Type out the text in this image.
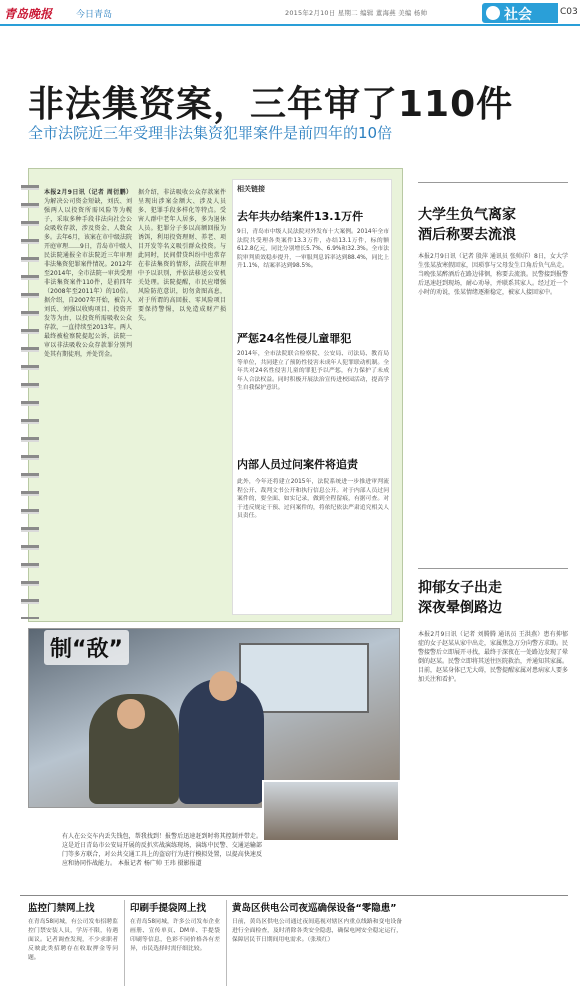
青岛晚报	今日青岛	2015年2月10日 星期二 编辑 董海燕 美编 杨帅	社会	C03
非法集资案，三年审了110件
全市法院近三年受理非法集资犯罪案件是前四年的10倍
本报2月9日讯（记者 周衍鹏） 为解决公司资金短缺，刘氏、刘强两人以投资所需风险等为幌子，采取多种手段非法向社会公众吸收存款，涉及资金、人数众多。去年6月，该案在市中级法院开庭审理……9日，青岛市中级人民法院通报全市法院近三年审理非法集资犯罪案件情况。2012年至2014年，全市法院一审共受理非法集资案件110件，是前四年（2008年至2011年）的10倍。据介绍，自2007年开始，被告人刘氏、刘强以收购项目、投资开发等为由，以投资所需吸收公众存款，一直持续至2013年。两人最终被检察院提起公诉，法院一审以非法吸收公众存款罪分别判处其有期徒刑，并处罚金。
据介绍，非法吸收公众存款案件呈现出涉案金额大、涉及人员多、犯罪手段多样化等特点。受害人群中老年人居多，多为退休人员。犯罪分子多以高额回报为诱饵，利用投资理财、养老、项目开发等名义吸引群众投资。与此同时，民间借贷纠纷中也常存在非法集资的情形，法院在审理中予以识别，并依法移送公安机关处理。法院提醒，市民应增强风险防范意识，切勿贪图高息，对于所谓的高回报、零风险项目要保持警惕，以免造成财产损失。
相关链接
去年共办结案件13.1万件
9日，青岛市中级人民法院对外发布十大案例。2014年全市法院共受理各类案件13.3万件，办结13.1万件，标的额612.8亿元，同比分别增长5.7%、6.9%和32.3%。全市法院审判质效稳步提升，一审服判息诉率达到88.4%，同比上升1.1%，结案率达到98.5%。
严惩24名性侵儿童罪犯
2014年，全市法院联合检察院、公安局、司法局、教育局等单位，共同建立了预防性侵害未成年人犯罪联动机制。全年共对24名性侵害儿童的罪犯予以严惩，有力保护了未成年人合法权益。同时积极开展法治宣传进校园活动，提高学生自我保护意识。
内部人员过问案件将追责
此外，今年还将建立2015年，法院系统进一步推进审判流程公开、裁判文书公开和执行信息公开。对于内部人员过问案件的，要全面、如实记录，做到全程留痕，有据可查。对于违反规定干预、过问案件的，将依纪依法严肃追究相关人员责任。
大学生负气离家
酒后称要去流浪
本报2月9日讯（记者 殷萍 通讯员 张帅洋）8日，女大学生张某放寒假回家，因琐事与父母发生口角后负气出走。当晚张某醉酒后在路边徘徊，称要去流浪。民警接到报警后迅速赶到现场，耐心劝导，并联系其家人。经过近一个小时的劝说，张某情绪逐渐稳定，被家人接回家中。
抑郁女子出走
深夜晕倒路边
本报2月9日讯（记者 刘腾腾 通讯员 王洪燕）患有抑郁症的女子赵某从家中出走，家属焦急万分向警方求助。民警接警后立即展开寻找，最终于深夜在一处路边发现了晕倒的赵某。民警立即将其送往医院救治，并通知其家属。目前，赵某身体已无大碍，民警提醒家属对患病家人要多加关注和看护。
制“敌”
有人在公交车内丢失钱包，帮我找到！报警后迅速赶到时将其控制并带走。这是近日青岛市公安局开展的反扒实战演练现场，演练中民警、交通运输部门等多方联合，对公共交通工具上的盗窃行为进行模拟处置，以提高快速反应和协同作战能力。 本报记者 杨广帅 王玮 摄影报道
监控门禁网上找
在青岛58同城，有公司发布招聘监控门禁安装人员，学历不限，待遇面议。记者调查发现，不少求职者反映此类招聘存在收取押金等问题。
印刷手提袋网上找
在青岛58同城，许多公司发布企业画册、宣传单页、DM单、手提袋印刷等信息，色彩不同价格各有差异，市民选择时需仔细比较。
黄岛区供电公司夜巡确保设备“零隐患”
日前，黄岛区供电公司通过夜间巡视对辖区内重点线路和变电设备进行全面检查，及时消除各类安全隐患，确保电网安全稳定运行，保障居民节日期间用电需求。（张琰红）
